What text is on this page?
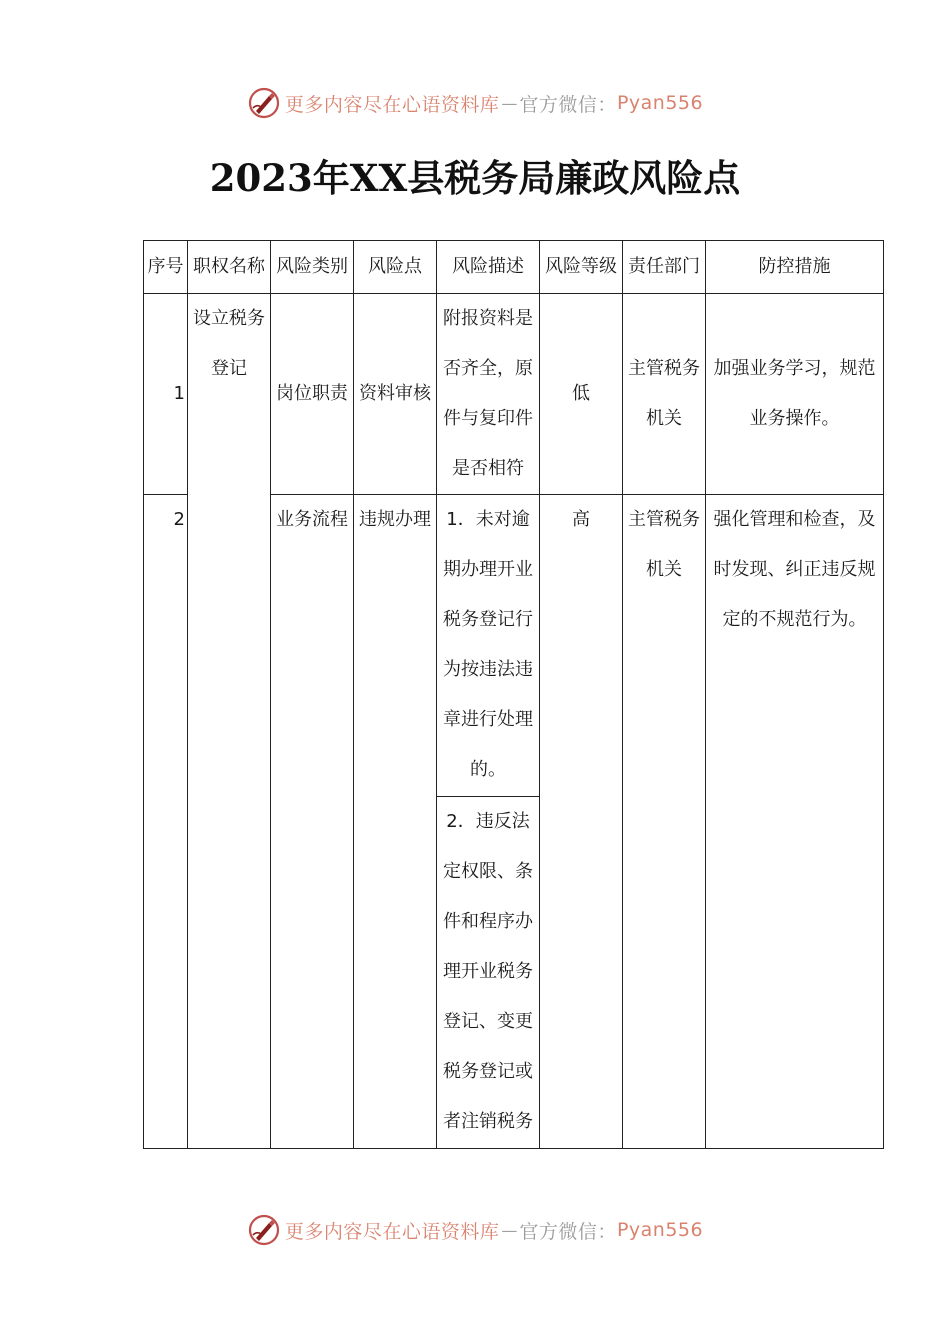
更多内容尽在心语资料库 — 官方微信： Pyan556
2023年XX县税务局廉政风险点
序号	职权名称	风险类别	风险点	风险描述	风险等级	责任部门	防控措施
1	设立税务登记	岗位职责	资料审核	附报资料是否齐全，原件与复印件是否相符	低	主管税务机关	加强业务学习，规范业务操作。
2		业务流程	违规办理	1．未对逾期办理开业税务登记行为按违法违章进行处理的。	高	主管税务机关	强化管理和检查，及时发现、纠正违反规定的不规范行为。
				2．违反法定权限、条件和程序办理开业税务登记、变更税务登记或者注销税务			
更多内容尽在心语资料库 — 官方微信： Pyan556
